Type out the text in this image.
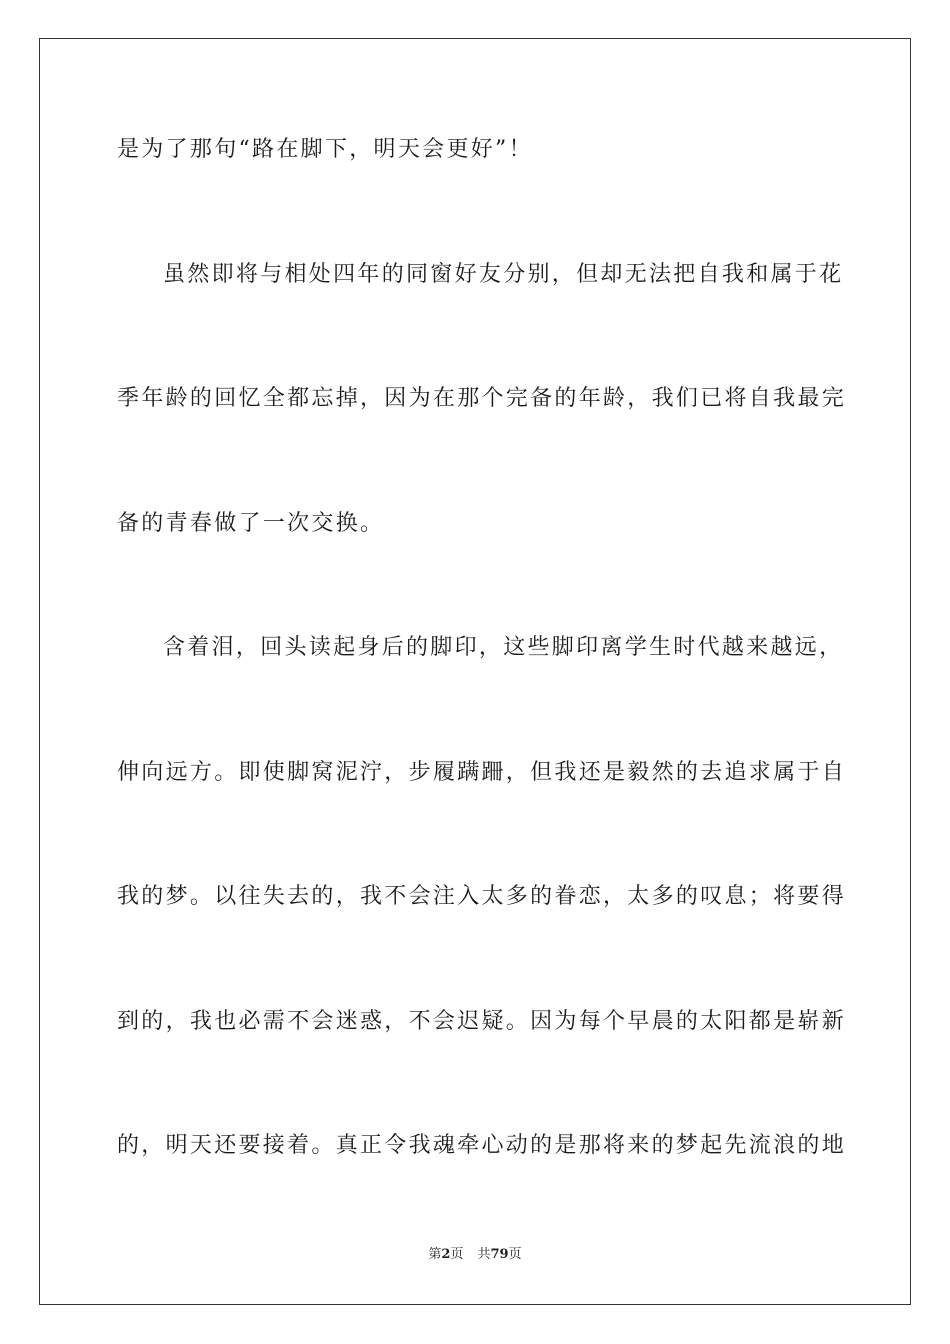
是为了那句“路在脚下，明天会更好”！
虽然即将与相处四年的同窗好友分别，但却无法把自我和属于花
季年龄的回忆全都忘掉，因为在那个完备的年龄，我们已将自我最完
备的青春做了一次交换。
含着泪，回头读起身后的脚印，这些脚印离学生时代越来越远，
伸向远方。即使脚窝泥泞，步履蹒跚，但我还是毅然的去追求属于自
我的梦。以往失去的，我不会注入太多的眷恋，太多的叹息；将要得
到的，我也必需不会迷惑，不会迟疑。因为每个早晨的太阳都是崭新
的，明天还要接着。真正令我魂牵心动的是那将来的梦起先流浪的地
第2页 共79页
